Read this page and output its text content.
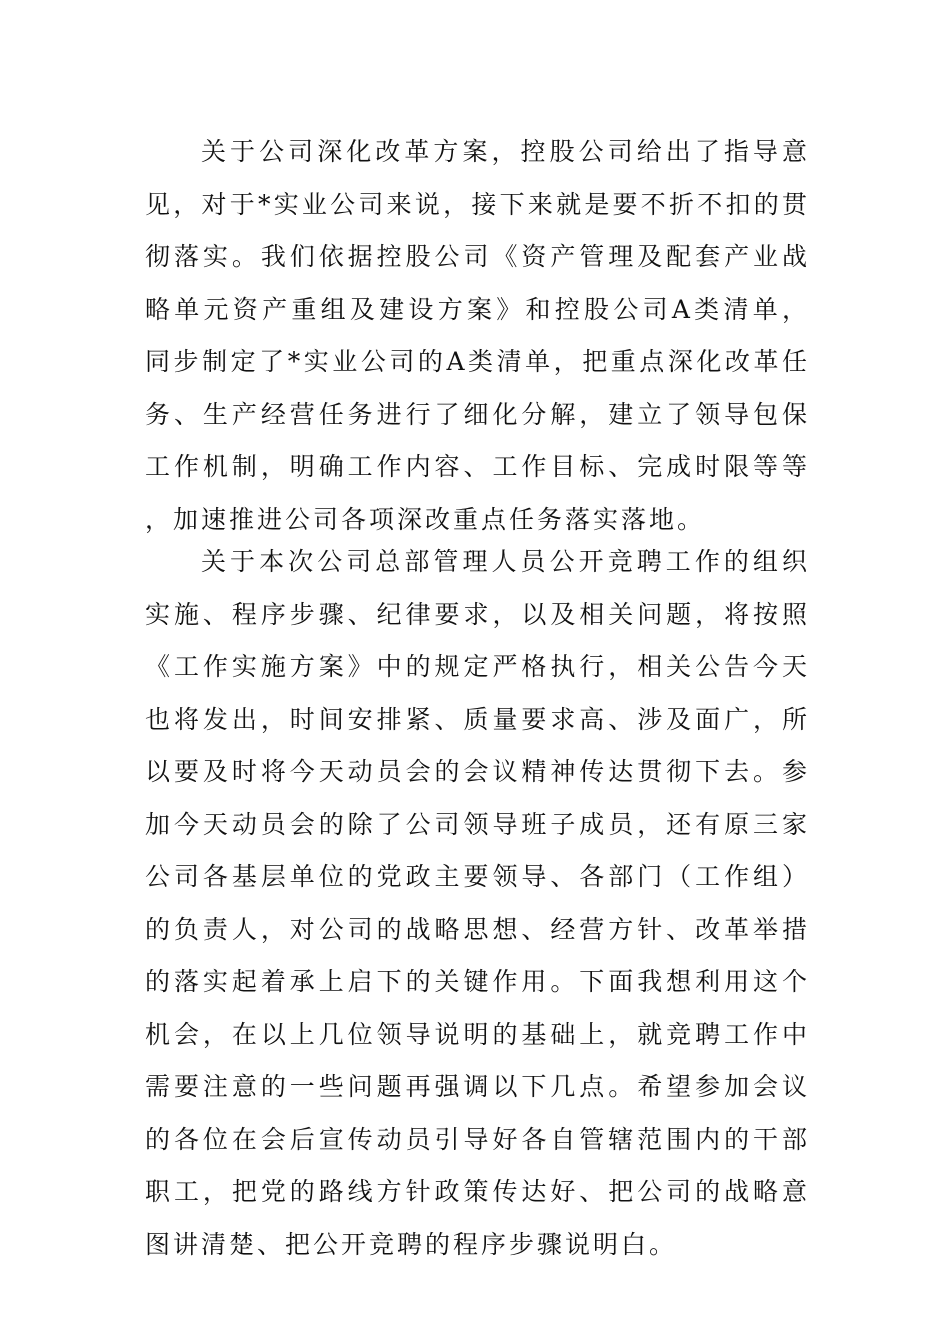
关于公司深化改革方案，控股公司给出了指导意见，对于*实业公司来说，接下来就是要不折不扣的贯彻落实。我们依据控股公司《资产管理及配套产业战略单元资产重组及建设方案》和控股公司A类清单，同步制定了*实业公司的A类清单，把重点深化改革任务、生产经营任务进行了细化分解，建立了领导包保工作机制，明确工作内容、工作目标、完成时限等等，加速推进公司各项深改重点任务落实落地。

关于本次公司总部管理人员公开竞聘工作的组织实施、程序步骤、纪律要求，以及相关问题，将按照《工作实施方案》中的规定严格执行，相关公告今天也将发出，时间安排紧、质量要求高、涉及面广，所以要及时将今天动员会的会议精神传达贯彻下去。参加今天动员会的除了公司领导班子成员，还有原三家公司各基层单位的党政主要领导、各部门（工作组）的负责人，对公司的战略思想、经营方针、改革举措的落实起着承上启下的关键作用。下面我想利用这个机会，在以上几位领导说明的基础上，就竞聘工作中需要注意的一些问题再强调以下几点。希望参加会议的各位在会后宣传动员引导好各自管辖范围内的干部职工，把党的路线方针政策传达好、把公司的战略意图讲清楚、把公开竞聘的程序步骤说明白。
